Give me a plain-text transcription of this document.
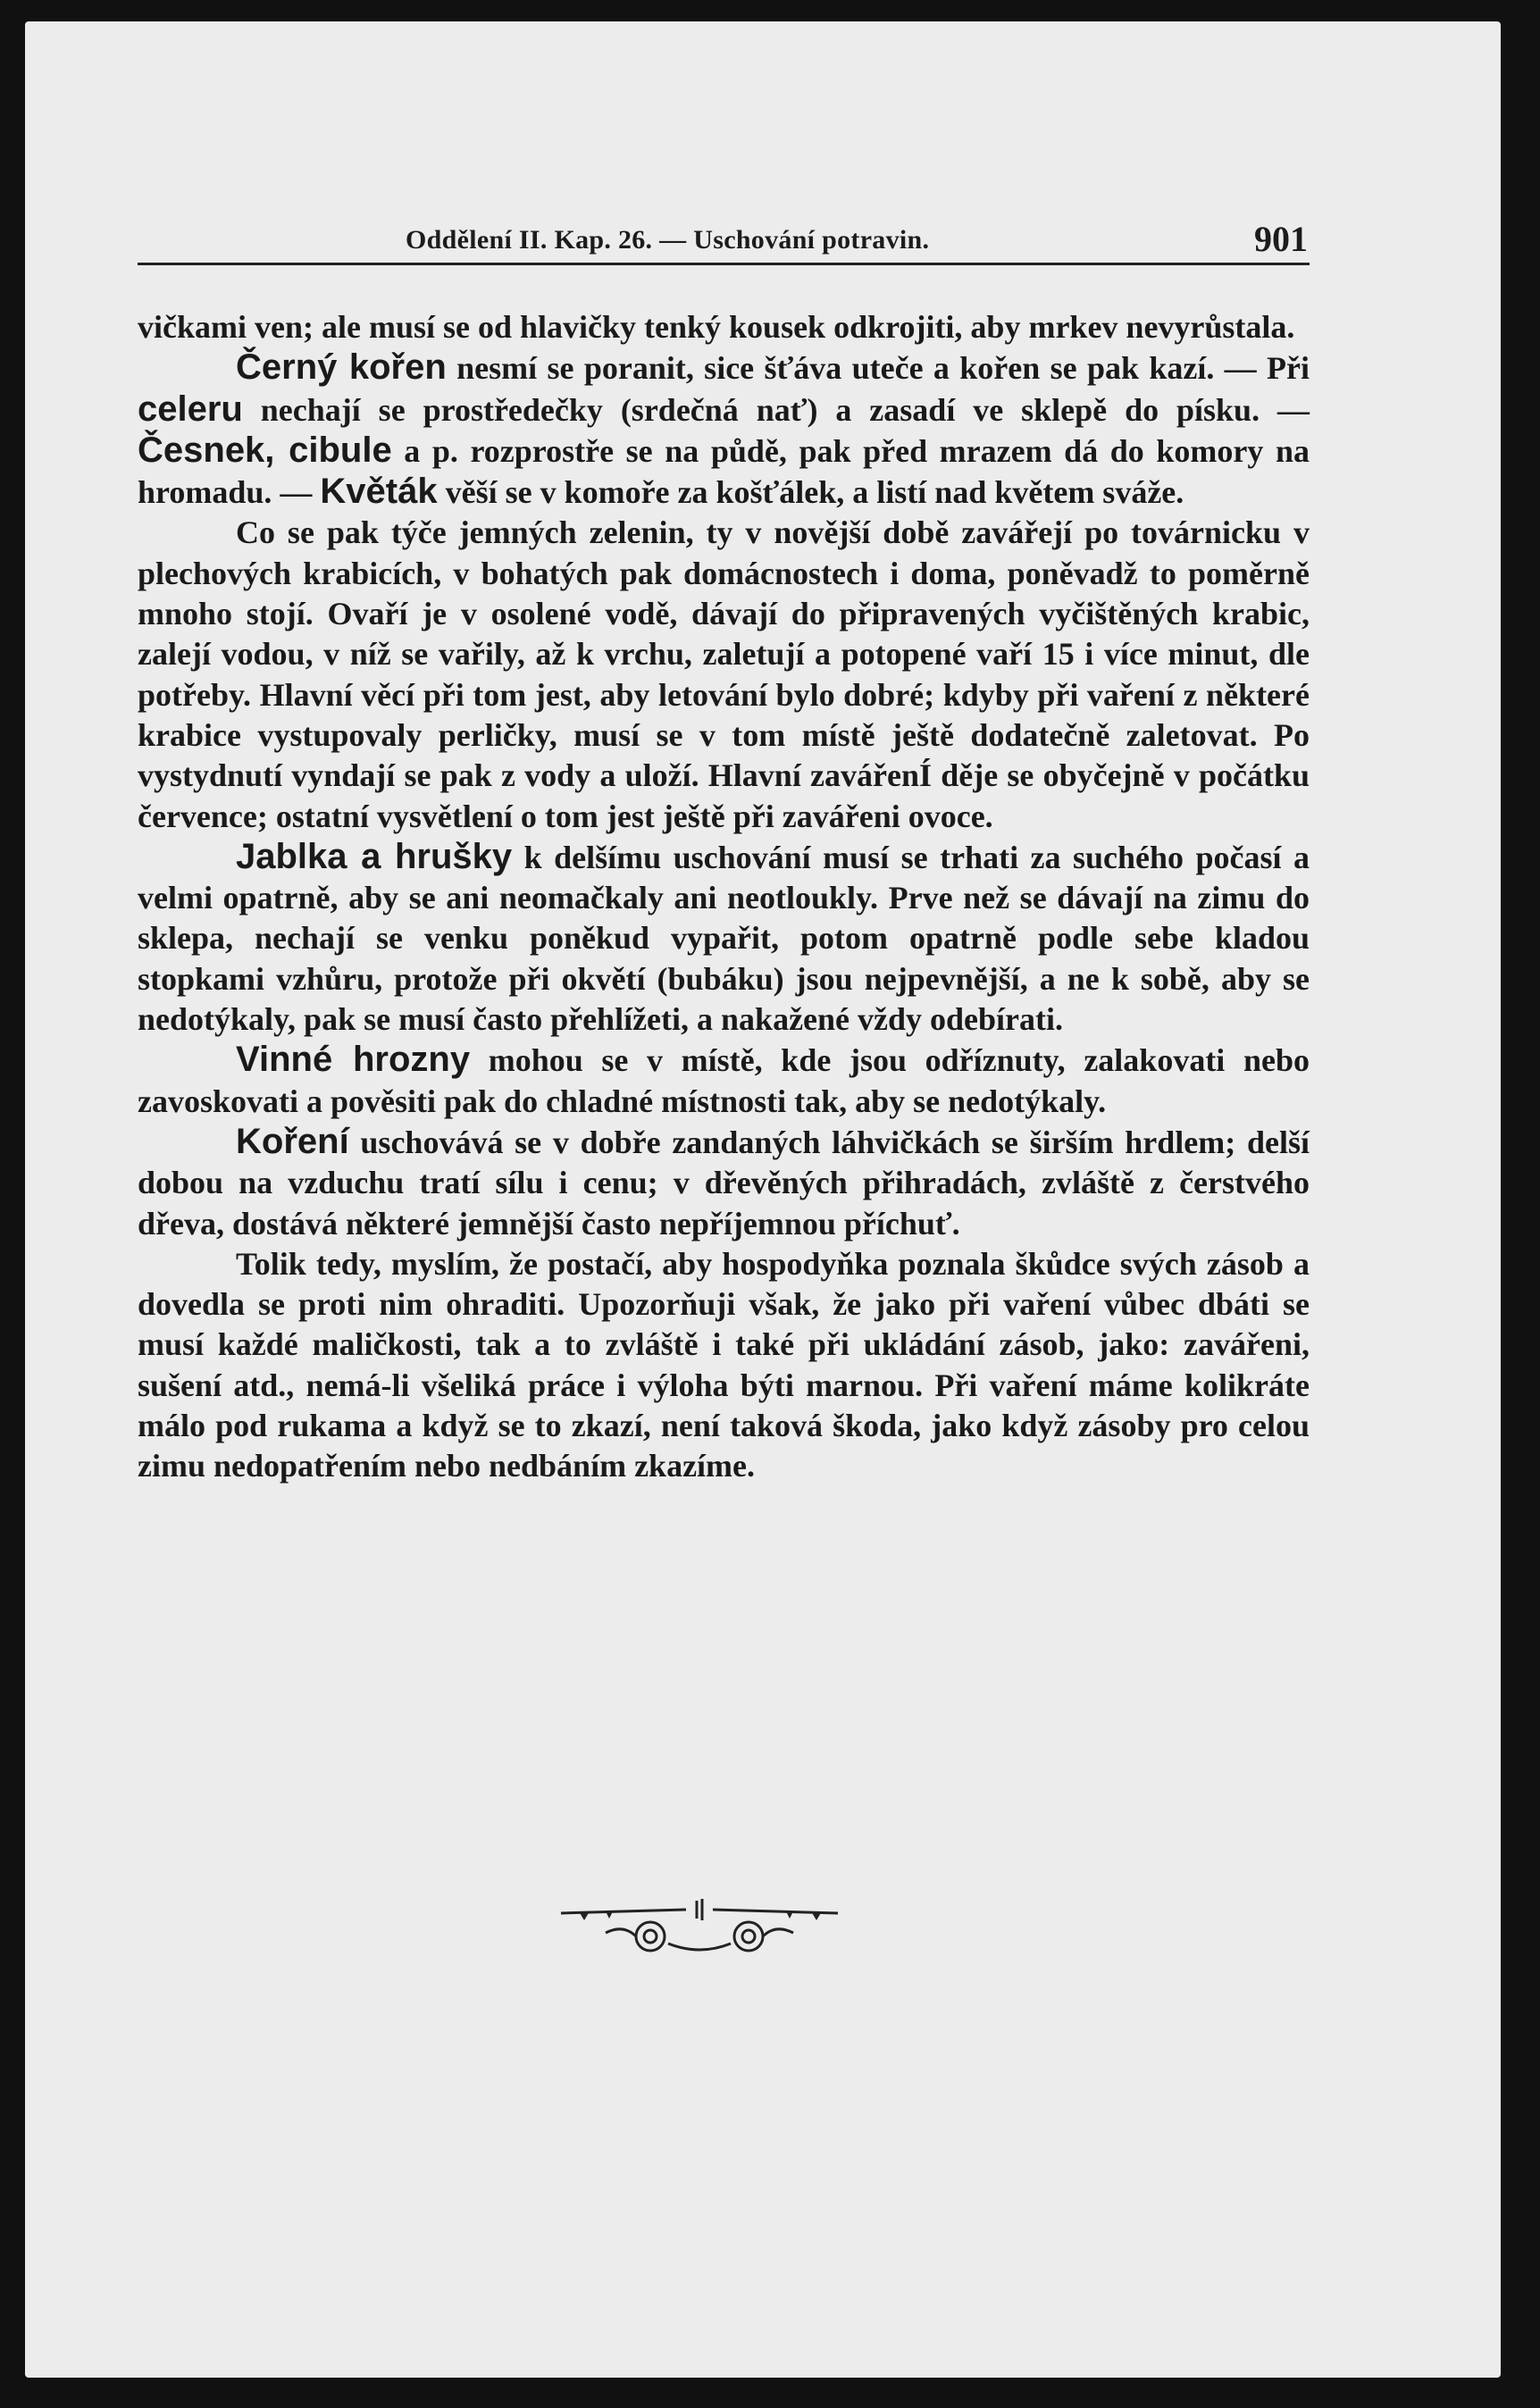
Oddělení II. Kap. 26. — Uschování potravin.	901

vičkami ven; ale musí se od hlavičky tenký kousek odkrojiti, aby mrkev nevyrůstala.

Černý kořen nesmí se poranit, sice šťáva uteče a kořen se pak kazí. — Při celeru nechají se prostředečky (srdečná nať) a zasadí ve sklepě do písku. — Česnek, cibule a p. rozprostře se na půdě, pak před mrazem dá do komory na hromadu. — Květák věší se v komoře za košťálek, a listí nad květem sváže.

Co se pak týče jemných zelenin, ty v novější době zavářejí po továrnicku v plechových krabicích, v bohatých pak domácnostech i doma, poněvadž to poměrně mnoho stojí. Ovaří je v osolené vodě, dávají do připravených vyčištěných krabic, zalejí vodou, v níž se vařily, až k vrchu, zaletují a potopené vaří 15 i více minut, dle potřeby. Hlavní věcí při tom jest, aby letování bylo dobré; kdyby při vaření z některé krabice vystupovaly perličky, musí se v tom místě ještě dodatečně zaletovat. Po vystydnutí vyndají se pak z vody a uloží. Hlavní zavářenÍ děje se obyčejně v počátku července; ostatní vysvětlení o tom jest ještě při zavářeni ovoce.

Jablka a hrušky k delšímu uschování musí se trhati za suchého počasí a velmi opatrně, aby se ani neomačkaly ani neotloukly. Prve než se dávají na zimu do sklepa, nechají se venku poněkud vypařit, potom opatrně podle sebe kladou stopkami vzhůru, protože při okvětí (bubáku) jsou nejpevnější, a ne k sobě, aby se nedotýkaly, pak se musí často přehlížeti, a nakažené vždy odebírati.

Vinné hrozny mohou se v místě, kde jsou odříznuty, zalakovati nebo zavoskovati a pověsiti pak do chladné místnosti tak, aby se nedotýkaly.

Koření uschovává se v dobře zandaných láhvičkách se širším hrdlem; delší dobou na vzduchu tratí sílu i cenu; v dřevěných přihradách, zvláště z čerstvého dřeva, dostává některé jemnější často nepříjemnou příchuť.

Tolik tedy, myslím, že postačí, aby hospodyňka poznala škůdce svých zásob a dovedla se proti nim ohraditi. Upozorňuji však, že jako při vaření vůbec dbáti se musí každé maličkosti, tak a to zvláště i také při ukládání zásob, jako: zavářeni, sušení atd., nemá-li všeliká práce i výloha býti marnou. Při vaření máme kolikráte málo pod rukama a když se to zkazí, není taková škoda, jako když zásoby pro celou zimu nedopatřením nebo nedbáním zkazíme.
